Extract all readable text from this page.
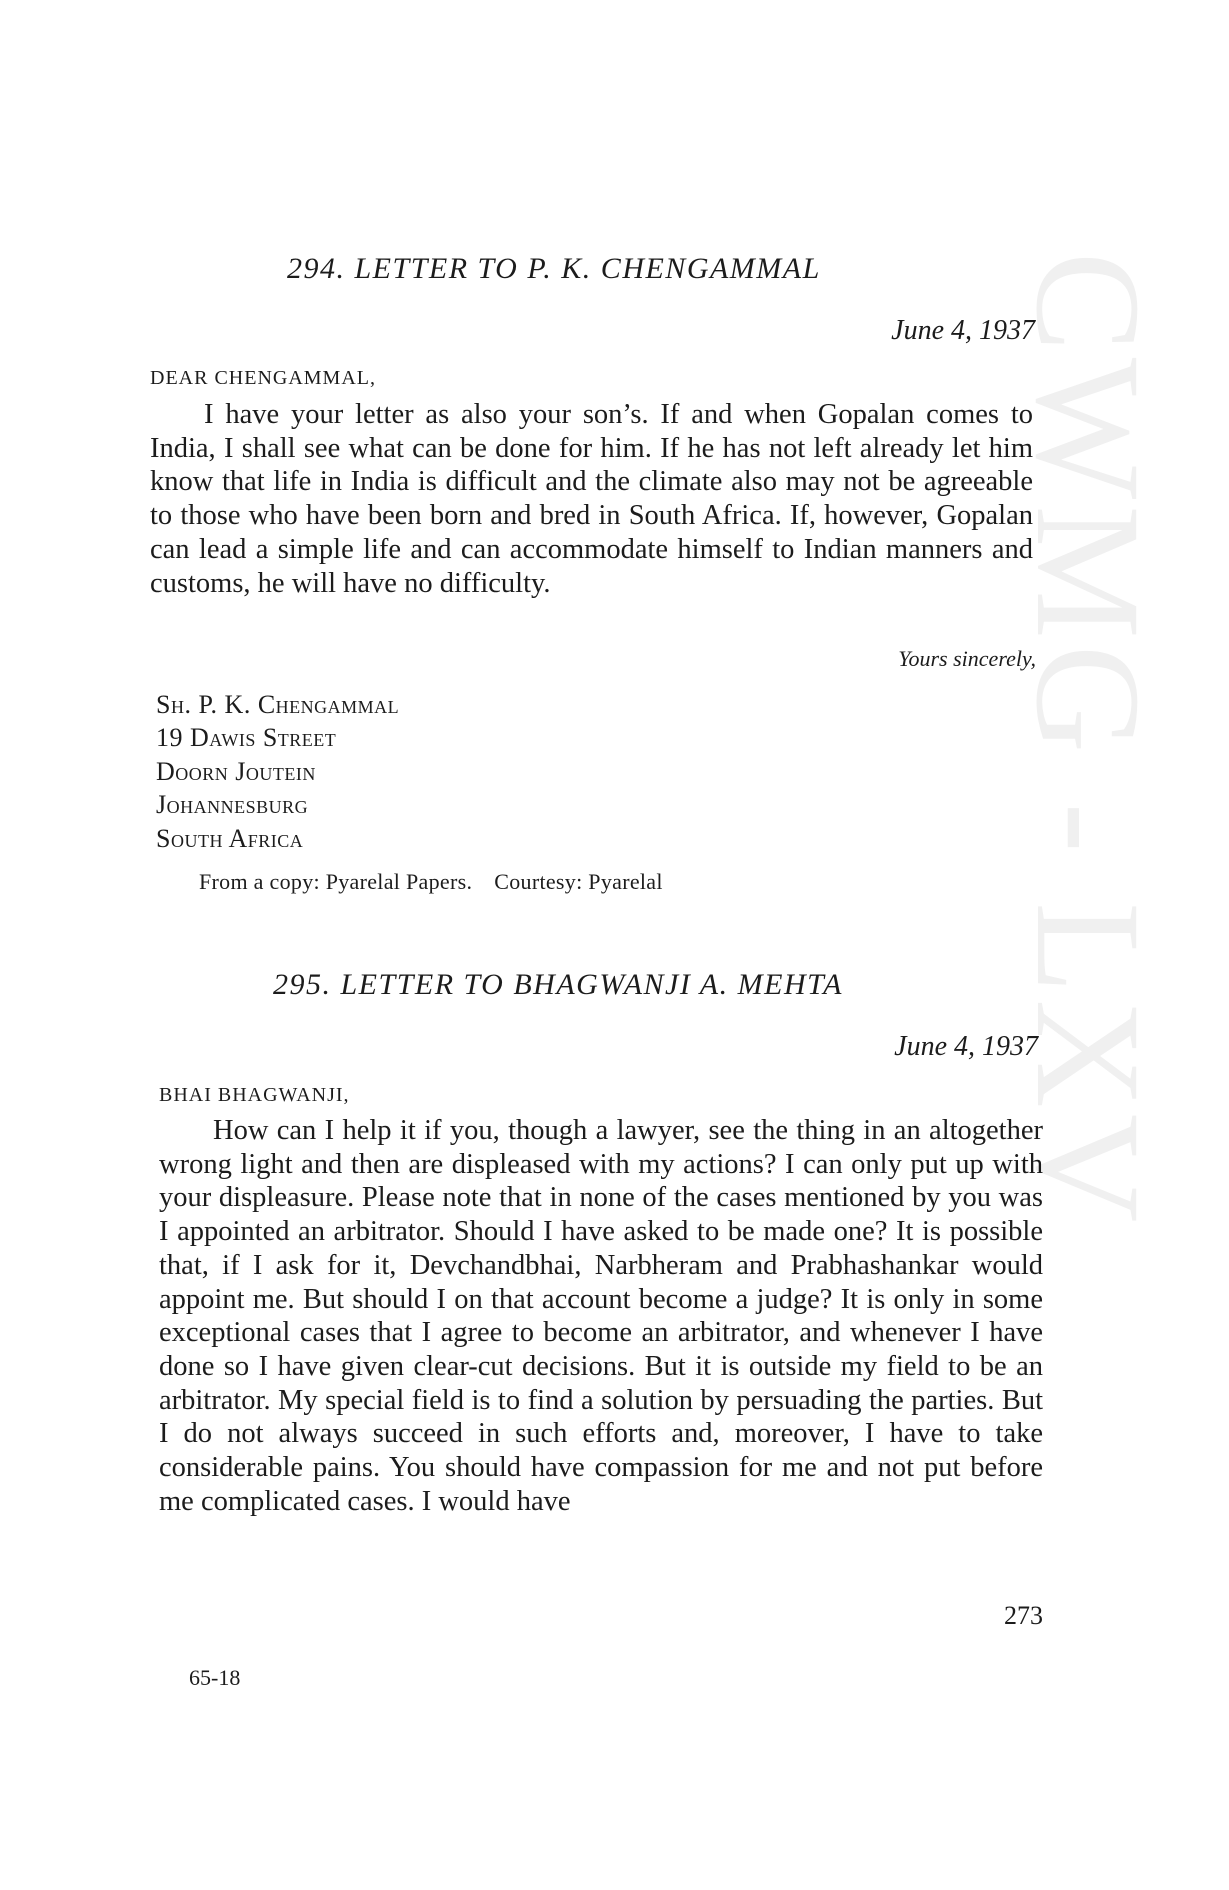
CWMG - LXV
294. LETTER TO P. K. CHENGAMMAL
June 4, 1937
DEAR CHENGAMMAL,

I have your letter as also your son’s. If and when Gopalan comes to India, I shall see what can be done for him. If he has not left already let him know that life in India is difficult and the climate also may not be agreeable to those who have been born and bred in South Africa. If, however, Gopalan can lead a simple life and can accommodate himself to Indian manners and customs, he will have no difficulty.

Yours sincerely,
Sh. P. K. Chengammal
19 Dawis Street
Doorn Joutein
Johannesburg
South Africa
From a copy: Pyarelal Papers. Courtesy: Pyarelal
295. LETTER TO BHAGWANJI A. MEHTA
June 4, 1937
BHAI BHAGWANJI,

How can I help it if you, though a lawyer, see the thing in an altogether wrong light and then are displeased with my actions? I can only put up with your displeasure. Please note that in none of the cases mentioned by you was I appointed an arbitrator. Should I have asked to be made one? It is possible that, if I ask for it, Devchandbhai, Narbheram and Prabhashankar would appoint me. But should I on that account become a judge? It is only in some exceptional cases that I agree to become an arbitrator, and whenever I have done so I have given clear-cut decisions. But it is outside my field to be an arbitrator. My special field is to find a solution by persuading the parties. But I do not always succeed in such efforts and, moreover, I have to take considerable pains. You should have compassion for me and not put before me complicated cases. I would have

273
65-18
